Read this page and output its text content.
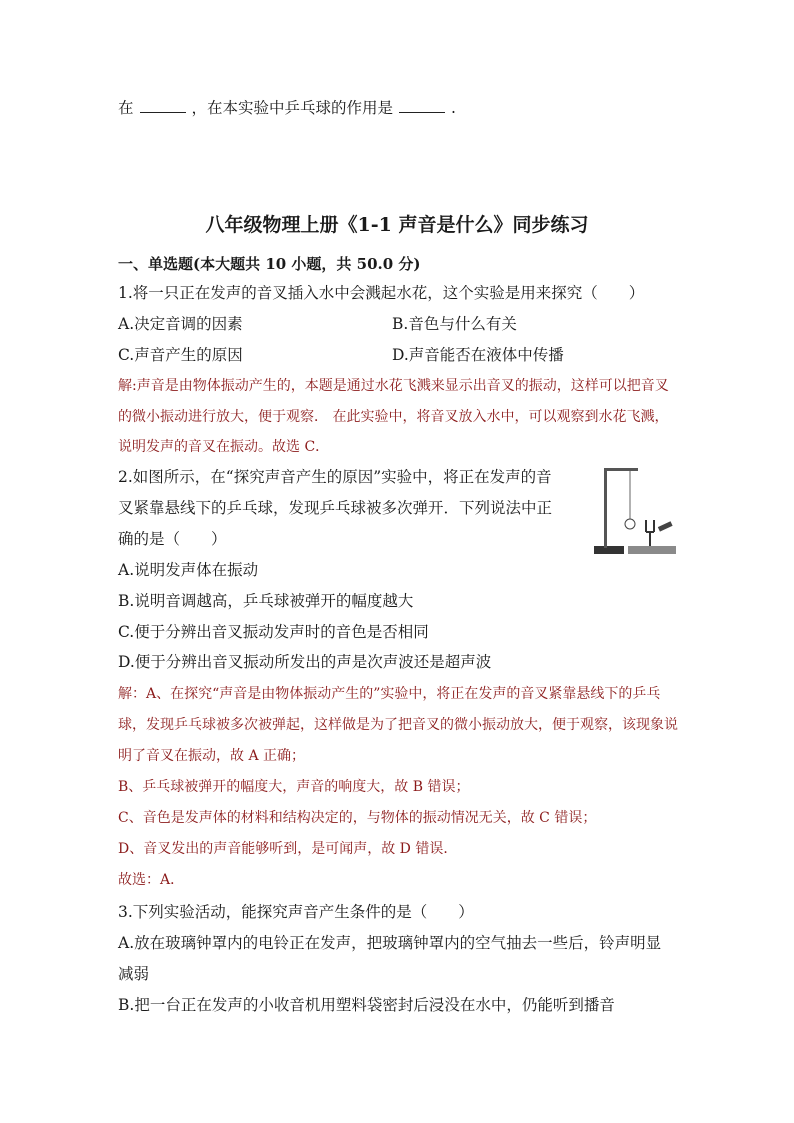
在	，在本实验中乒乓球的作用是	.
八年级物理上册《1-1 声音是什么》同步练习
一、单选题(本大题共 10 小题，共 50.0 分)
1.将一只正在发声的音叉插入水中会溅起水花，这个实验是用来探究（　　）
A.决定音调的因素	B.音色与什么有关
C.声音产生的原因	D.声音能否在液体中传播
解:声音是由物体振动产生的，本题是通过水花飞溅来显示出音叉的振动，这样可以把音叉
的微小振动进行放大，便于观察． 在此实验中，将音叉放入水中，可以观察到水花飞溅，
说明发声的音叉在振动。故选 C．
2.如图所示，在“探究声音产生的原因”实验中，将正在发声的音
叉紧靠悬线下的乒乓球，发现乒乓球被多次弹开．下列说法中正
确的是（　　）
A.说明发声体在振动
B.说明音调越高，乒乓球被弹开的幅度越大
C.便于分辨出音叉振动发声时的音色是否相同
D.便于分辨出音叉振动所发出的声是次声波还是超声波
解：A、在探究“声音是由物体振动产生的”实验中，将正在发声的音叉紧靠悬线下的乒乓
球，发现乒乓球被多次被弹起，这样做是为了把音叉的微小振动放大，便于观察，该现象说
明了音叉在振动，故 A 正确；
B、乒乓球被弹开的幅度大，声音的响度大，故 B 错误；
C、音色是发声体的材料和结构决定的，与物体的振动情况无关，故 C 错误；
D、音叉发出的声音能够听到，是可闻声，故 D 错误．
故选：A．
3.下列实验活动，能探究声音产生条件的是（　　）
A.放在玻璃钟罩内的电铃正在发声，把玻璃钟罩内的空气抽去一些后，铃声明显
减弱
B.把一台正在发声的小收音机用塑料袋密封后浸没在水中，仍能听到播音
